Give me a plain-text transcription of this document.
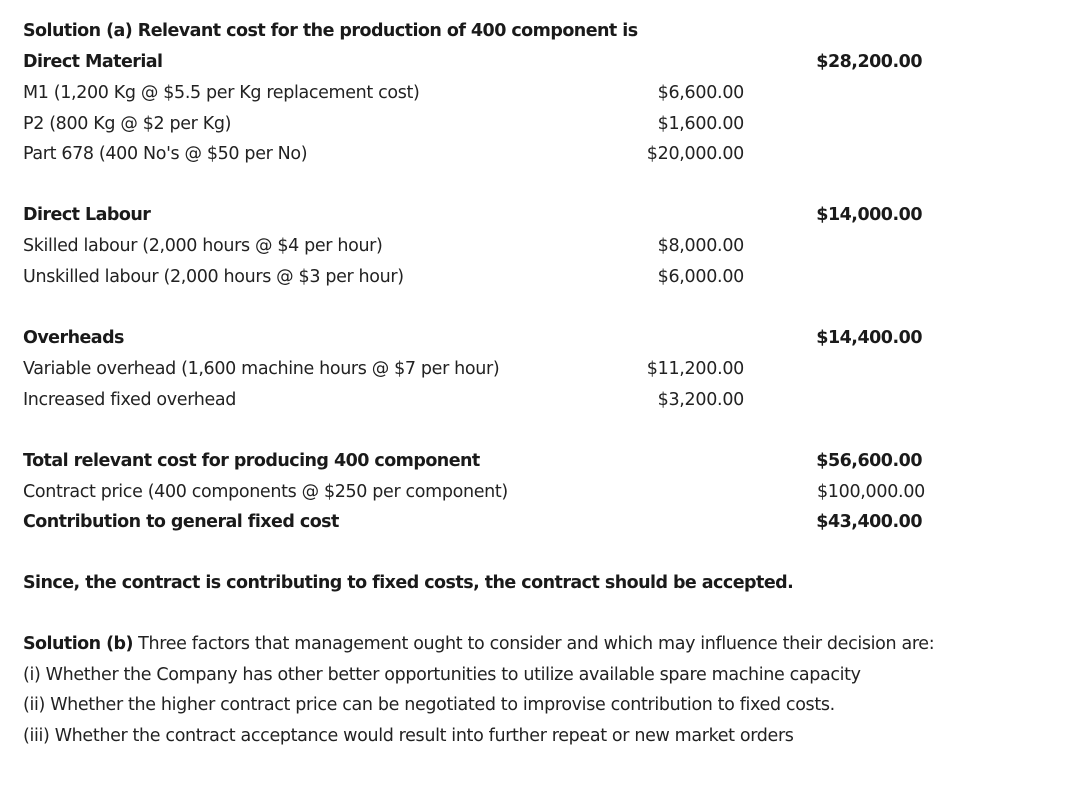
Solution (a) Relevant cost for the production of 400 component is
Direct Material	$28,200.00
M1 (1,200 Kg @ $5.5 per Kg replacement cost)	$6,600.00
P2 (800 Kg @ $2 per Kg)	$1,600.00
Part 678 (400 No's @ $50 per No)	$20,000.00
Direct Labour	$14,000.00
Skilled labour (2,000 hours @ $4 per hour)	$8,000.00
Unskilled labour (2,000 hours @ $3 per hour)	$6,000.00
Overheads	$14,400.00
Variable overhead (1,600 machine hours @ $7 per hour)	$11,200.00
Increased fixed overhead	$3,200.00
Total relevant cost for producing 400 component	$56,600.00
Contract price (400 components @ $250 per component)	$100,000.00
Contribution to general fixed cost	$43,400.00
Since, the contract is contributing to fixed costs, the contract should be accepted.
Solution (b) Three factors that management ought to consider and which may influence their decision are:
(i) Whether the Company has other better opportunities to utilize available spare machine capacity
(ii) Whether the higher contract price can be negotiated to improvise contribution to fixed costs.
(iii) Whether the contract acceptance would result into further repeat or new market orders
